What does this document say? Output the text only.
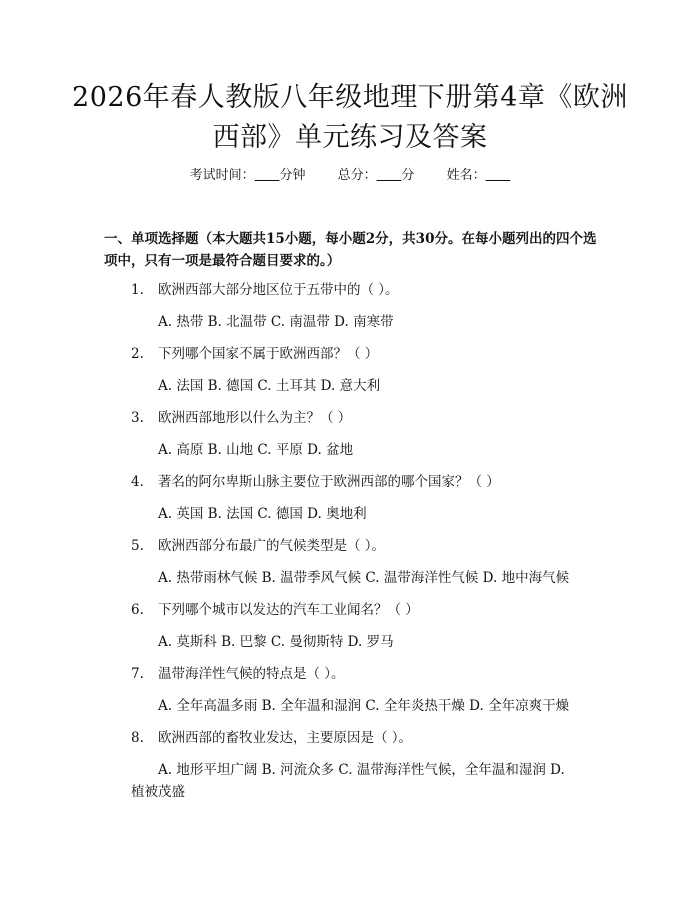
2026年春人教版八年级地理下册第4章《欧洲西部》单元练习及答案
考试时间： 分钟 总分： 分 姓名：

一、单项选择题（本大题共15小题，每小题2分，共30分。在每小题列出的四个选项中，只有一项是最符合题目要求的。）

1. 欧洲西部大部分地区位于五带中的（ ）。
A. 热带 B. 北温带 C. 南温带 D. 南寒带
2. 下列哪个国家不属于欧洲西部？（ ）
A. 法国 B. 德国 C. 土耳其 D. 意大利
3. 欧洲西部地形以什么为主？（ ）
A. 高原 B. 山地 C. 平原 D. 盆地
4. 著名的阿尔卑斯山脉主要位于欧洲西部的哪个国家？（ ）
A. 英国 B. 法国 C. 德国 D. 奥地利
5. 欧洲西部分布最广的气候类型是（ ）。
A. 热带雨林气候 B. 温带季风气候 C. 温带海洋性气候 D. 地中海气候
6. 下列哪个城市以发达的汽车工业闻名？（ ）
A. 莫斯科 B. 巴黎 C. 曼彻斯特 D. 罗马
7. 温带海洋性气候的特点是（ ）。
A. 全年高温多雨 B. 全年温和湿润 C. 全年炎热干燥 D. 全年凉爽干燥
8. 欧洲西部的畜牧业发达，主要原因是（ ）。
A. 地形平坦广阔 B. 河流众多 C. 温带海洋性气候，全年温和湿润 D.
植被茂盛
